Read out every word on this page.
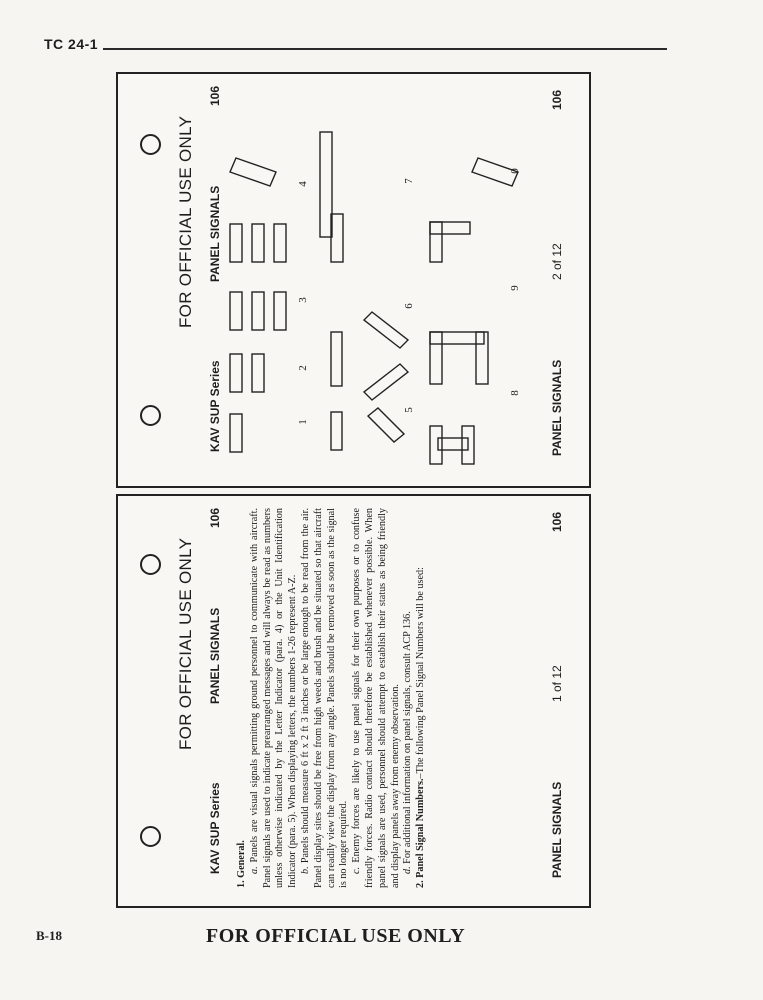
TC 24-1
FOR OFFICIAL USE ONLY
KAV SUP Series
PANEL SIGNALS
106
PANEL SIGNALS
2 of 12
106
1
2
3
4
5
6
7
8
9
0
FOR OFFICIAL USE ONLY
KAV SUP Series
PANEL SIGNALS
106

1. General. a. Panels are visual signals permitting ground personnel to communicate with aircraft. Panel signals are used to indicate prearranged messages and will always be read as numbers unless otherwise indicated by the Letter Indicator (para. 4) or the Unit Identification Indicator (para. 5). When displaying letters, the numbers 1-26 represent A-Z. b. Panels should measure 6 ft x 2 ft 3 inches or be large enough to be read from the air. Panel display sites should be free from high weeds and brush and be situated so that aircraft can readily view the display from any angle. Panels should be removed as soon as the signal is no longer required. c. Enemy forces are likely to use panel signals for their own purposes or to confuse friendly forces. Radio contact should therefore be established whenever possible. When panel signals are used, personnel should attempt to establish their status as being friendly and display panels away from enemy observation. d. For additional information on panel signals, consult ACP 136. 2. Panel Signal Numbers.–The following Panel Signal Numbers will be used:

PANEL SIGNALS
1 of 12
106
B-18	FOR OFFICIAL USE ONLY
